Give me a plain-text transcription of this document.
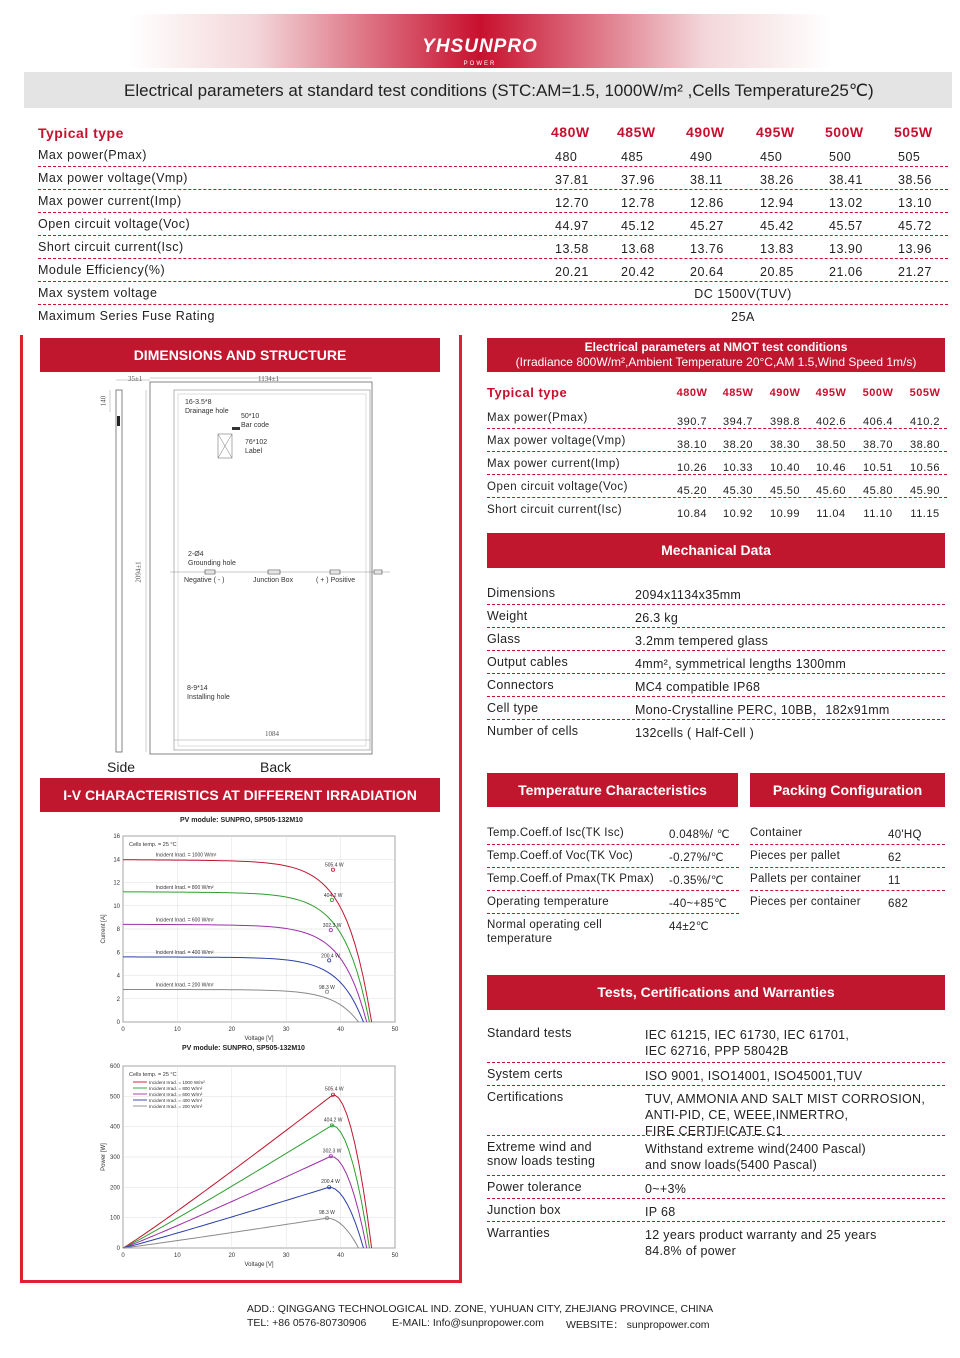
YHSUNPRO
POWER
Electrical parameters at standard test conditions (STC:AM=1.5, 1000W/m² ,Cells Temperature25℃)
Typical type	480W	485W	490W	495W	500W	505W
Max power(Pmax)	480	485	490	450	500	505
Max power voltage(Vmp)	37.81	37.96	38.11	38.26	38.41	38.56
Max power current(Imp)	12.70	12.78	12.86	12.94	13.02	13.10
Open circuit voltage(Voc)	44.97	45.12	45.27	45.42	45.57	45.72
Short circuit current(Isc)	13.58	13.68	13.76	13.83	13.90	13.96
Module Efficiency(%)	20.21	20.42	20.64	20.85	21.06	21.27
Max system voltage	DC 1500V(TUV)
Maximum Series Fuse Rating	25A
DIMENSIONS AND STRUCTURE
35±1	1134±1
140
2094±1
1084
16-3.5*8
Drainage hole
50*10
Bar code
76*102
Label
2-Ø4
Grounding hole
Negative ( - )	Junction Box	( + ) Positive
8-9*14
Installing hole
Side	Back
I-V CHARACTERISTICS AT DIFFERENT IRRADIATION
PV module: SUNPRO, SP505-132M10
0	10	20	30	40	50
0
2
4
6
8
10
12
14
16
Voltage [V]
Current [A]
Cells temp. = 25 °C
Incident Irrad. = 1000 W/m²
505.4 W
Incident Irrad. = 800 W/m²
404.2 W
Incident Irrad. = 600 W/m²
302.3 W
Incident Irrad. = 400 W/m²
200.4 W
Incident Irrad. = 200 W/m²	98.3 W
PV module: SUNPRO, SP505-132M10
0	10	20	30	40	50
0
100
200
300
400
500
600
Voltage [V]
Power [W]
Cells temp. = 25 °C
505.4 W
Incident Irrad. = 1000 W/m²
404.2 W
Incident Irrad. = 800 W/m²
302.3 W
Incident Irrad. = 600 W/m²
200.4 W
Incident Irrad. = 400 W/m²
98.3 W
Incident Irrad. = 200 W/m²
Electrical parameters at NMOT test conditions
(Irradiance 800W/m²,Ambient Temperature 20°C,AM 1.5,Wind Speed 1m/s)
Typical type	480W	485W	490W	495W	500W	505W
Max power(Pmax)	390.7	394.7	398.8	402.6	406.4	410.2
Max power voltage(Vmp)	38.10	38.20	38.30	38.50	38.70	38.80
Max power current(Imp)	10.26	10.33	10.40	10.46	10.51	10.56
Open circuit voltage(Voc)	45.20	45.30	45.50	45.60	45.80	45.90
Short circuit current(Isc)	10.84	10.92	10.99	11.04	11.10	11.15
Mechanical Data
Dimensions	2094x1134x35mm
Weight	26.3 kg
Glass	3.2mm tempered glass
Output cables	4mm², symmetrical lengths 1300mm
Connectors	MC4 compatible IP68
Cell type	Mono-Crystalline PERC, 10BB，182x91mm
Number of cells	132cells ( Half-Cell )
Temperature Characteristics
Temp.Coeff.of Isc(TK Isc)	0.048%/ ℃
Temp.Coeff.of Voc(TK Voc)	-0.27%/℃
Temp.Coeff.of Pmax(TK Pmax) -0.35%/℃
Operating temperature	-40~+85℃
Normal operating cell
temperature
44±2℃
Packing Configuration
Container	40'HQ
Pieces per pallet	62
Pallets per container 11
Pieces per container 682
Tests, Certifications and Warranties
Standard tests	IEC 61215, IEC 61730, IEC 61701,
IEC 62716, PPP 58042B
System certs	ISO 9001, ISO14001, ISO45001,TUV
Certifications	TUV, AMMONIA AND SALT MIST CORROSION,
ANTI-PID, CE, WEEE,INMERTRO,
FIRE CERTIFICATE C1
Extreme wind and
snow loads testing
Withstand extreme wind(2400 Pascal)
and snow loads(5400 Pascal)
Power tolerance	0~+3%
Junction box	IP 68
Warranties	12 years product warranty and 25 years
84.8% of power
ADD.: QINGGANG TECHNOLOGICAL IND. ZONE, YUHUAN CITY, ZHEJIANG PROVINCE, CHINA
TEL: +86 0576-80730906 E-MAIL: Info@sunpropower.com WEBSITE： sunpropower.com
